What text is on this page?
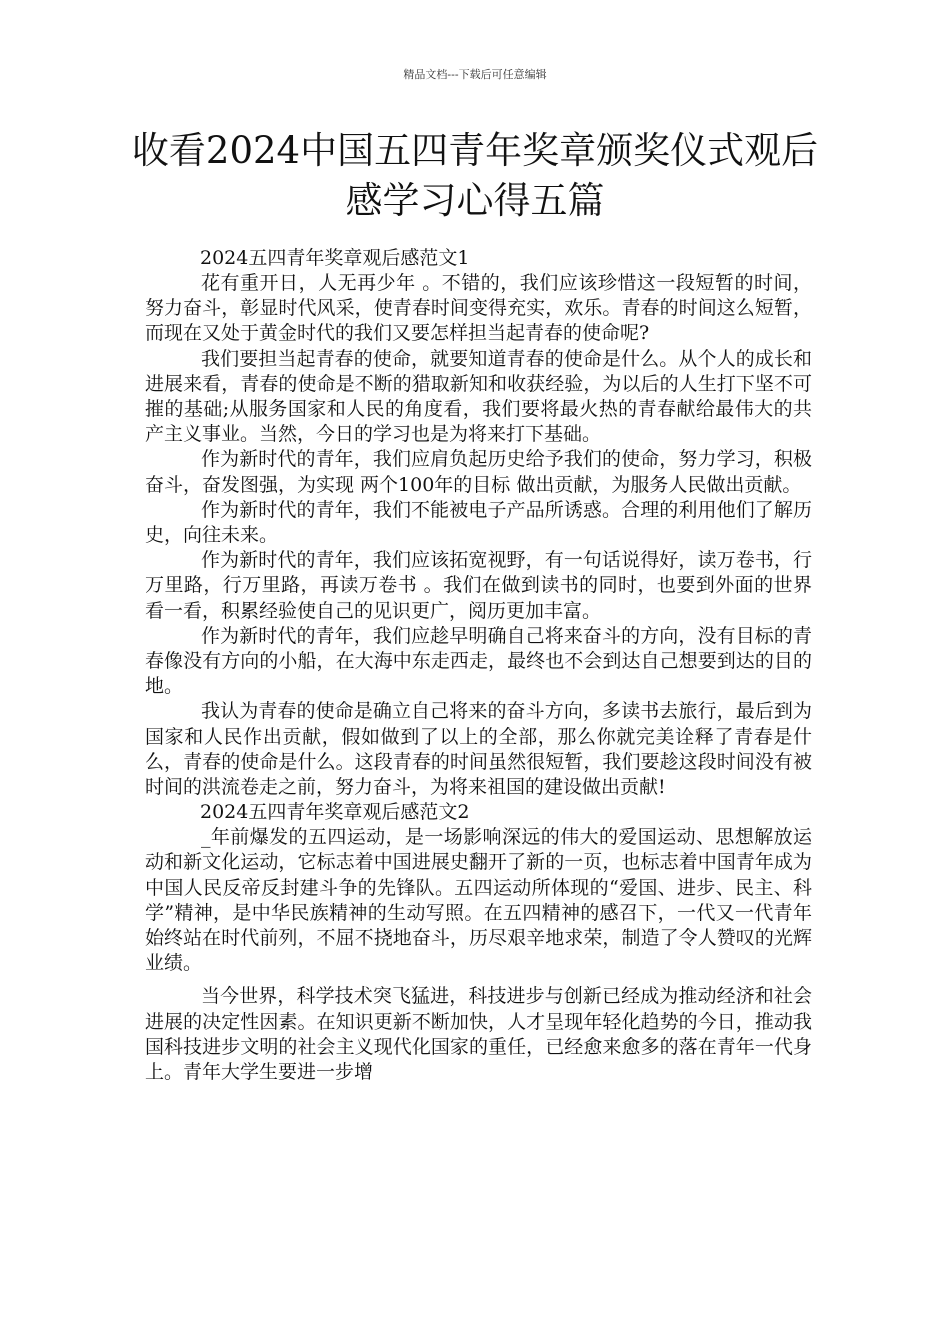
精品文档---下载后可任意编辑
收看2024中国五四青年奖章颁奖仪式观后感学习心得五篇
2024五四青年奖章观后感范文1

花有重开日，人无再少年 。不错的，我们应该珍惜这一段短暂的时间，努力奋斗，彰显时代风采，使青春时间变得充实，欢乐。青春的时间这么短暂，而现在又处于黄金时代的我们又要怎样担当起青春的使命呢?

我们要担当起青春的使命，就要知道青春的使命是什么。从个人的成长和进展来看，青春的使命是不断的猎取新知和收获经验，为以后的人生打下坚不可摧的基础;从服务国家和人民的角度看，我们要将最火热的青春献给最伟大的共产主义事业。当然，今日的学习也是为将来打下基础。

作为新时代的青年，我们应肩负起历史给予我们的使命，努力学习，积极奋斗，奋发图强，为实现 两个100年的目标 做出贡献，为服务人民做出贡献。

作为新时代的青年，我们不能被电子产品所诱惑。合理的利用他们了解历史，向往未来。

作为新时代的青年，我们应该拓宽视野，有一句话说得好，读万卷书，行万里路，行万里路，再读万卷书 。我们在做到读书的同时，也要到外面的世界看一看，积累经验使自己的见识更广，阅历更加丰富。

作为新时代的青年，我们应趁早明确自己将来奋斗的方向，没有目标的青春像没有方向的小船，在大海中东走西走，最终也不会到达自己想要到达的目的地。

我认为青春的使命是确立自己将来的奋斗方向，多读书去旅行，最后到为国家和人民作出贡献，假如做到了以上的全部，那么你就完美诠释了青春是什么，青春的使命是什么。这段青春的时间虽然很短暂，我们要趁这段时间没有被时间的洪流卷走之前，努力奋斗，为将来祖国的建设做出贡献!

2024五四青年奖章观后感范文2

_年前爆发的五四运动，是一场影响深远的伟大的爱国运动、思想解放运动和新文化运动，它标志着中国进展史翻开了新的一页，也标志着中国青年成为中国人民反帝反封建斗争的先锋队。五四运动所体现的“爱国、进步、民主、科学”精神，是中华民族精神的生动写照。在五四精神的感召下，一代又一代青年始终站在时代前列，不屈不挠地奋斗，历尽艰辛地求荣，制造了令人赞叹的光辉业绩。

当今世界，科学技术突飞猛进，科技进步与创新已经成为推动经济和社会进展的决定性因素。在知识更新不断加快，人才呈现年轻化趋势的今日，推动我国科技进步文明的社会主义现代化国家的重任，已经愈来愈多的落在青年一代身上。青年大学生要进一步增
